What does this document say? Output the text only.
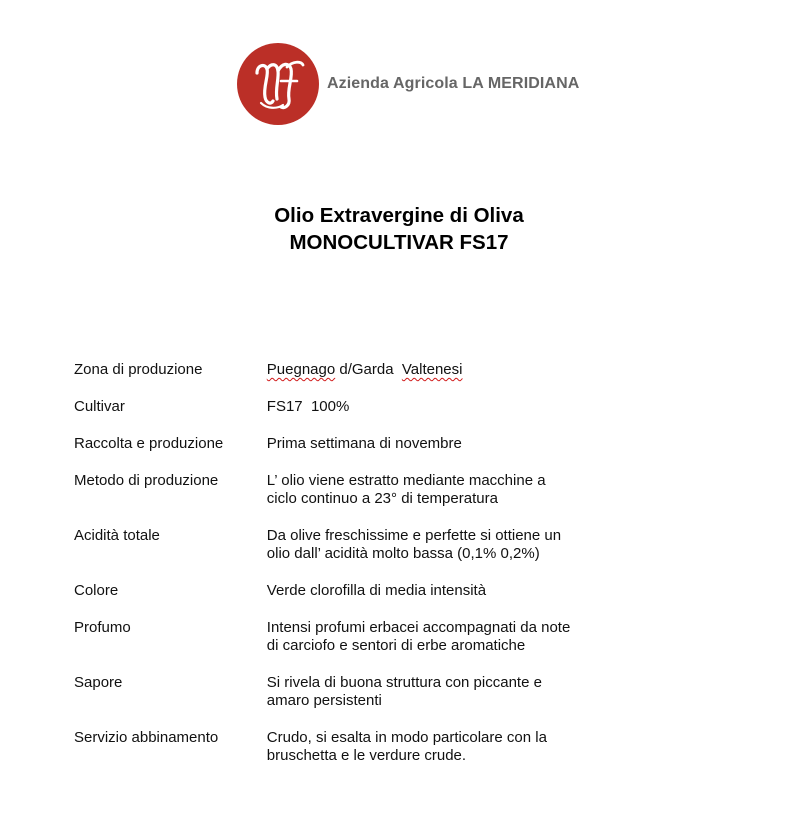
Azienda Agricola LA MERIDIANA
Olio Extravergine di Oliva
MONOCULTIVAR FS17
Zona di produzione	Puegnago d/Garda  Valtenesi
Cultivar	FS17  100%
Raccolta e produzione	Prima settimana di novembre
Metodo di produzione	L’ olio viene estratto mediante macchine a
ciclo continuo a 23° di temperatura

Acidità totale	Da olive freschissime e perfette si ottiene un
olio dall’ acidità molto bassa (0,1% 0,2%)

Colore	Verde clorofilla di media intensità
Profumo	Intensi profumi erbacei accompagnati da note
di carciofo e sentori di erbe aromatiche

Sapore	Si rivela di buona struttura con piccante e
amaro persistenti

Servizio abbinamento	Crudo, si esalta in modo particolare con la
bruschetta e le verdure crude.
